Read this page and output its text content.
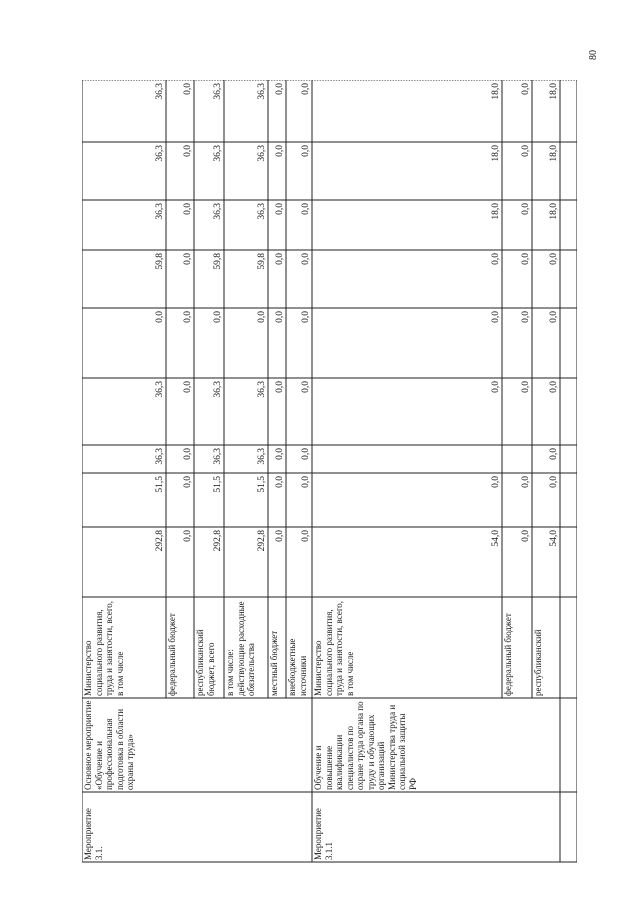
Мероприятие 3.1.
Основное мероприятие «Обучение и профессиональная подготовка в области охраны труда»
Министерство социального развития, труда и занятости, всего, в том числе
292,8
51,5
36,3
36,3
0,0
59,8
36,3
36,3
36,3
федеральный бюджет
0,0
0,0
0,0
0,0
0,0
0,0
0,0
0,0
0,0
республиканский бюджет, всего
292,8
51,5
36,3
36,3
0,0
59,8
36,3
36,3
36,3
в том числе: действующие расходные обязательства
292,8
51,5
36,3
36,3
0,0
59,8
36,3
36,3
36,3
местный бюджет
0,0
0,0
0,0
0,0
0,0
0,0
0,0
0,0
0,0
внебюджетные источники
0,0
0,0
0,0
0,0
0,0
0,0
0,0
0,0
0,0
Мероприятие 3.1.1
Обучение и повышение квалификации специалистов по охране труда органа по труду и обучающих организаций Министерства труда и социальной защиты РФ
Министерство социального развития, труда и занятости, всего, в том числе
54,0
0,0
0,0
0,0
0,0
18,0
18,0
18,0
федеральный бюджет
0,0
0,0
0,0
0,0
0,0
0,0
0,0
0,0
республиканский
54,0
0,0
0,0
0,0
0,0
0,0
18,0
18,0
18,0
80
